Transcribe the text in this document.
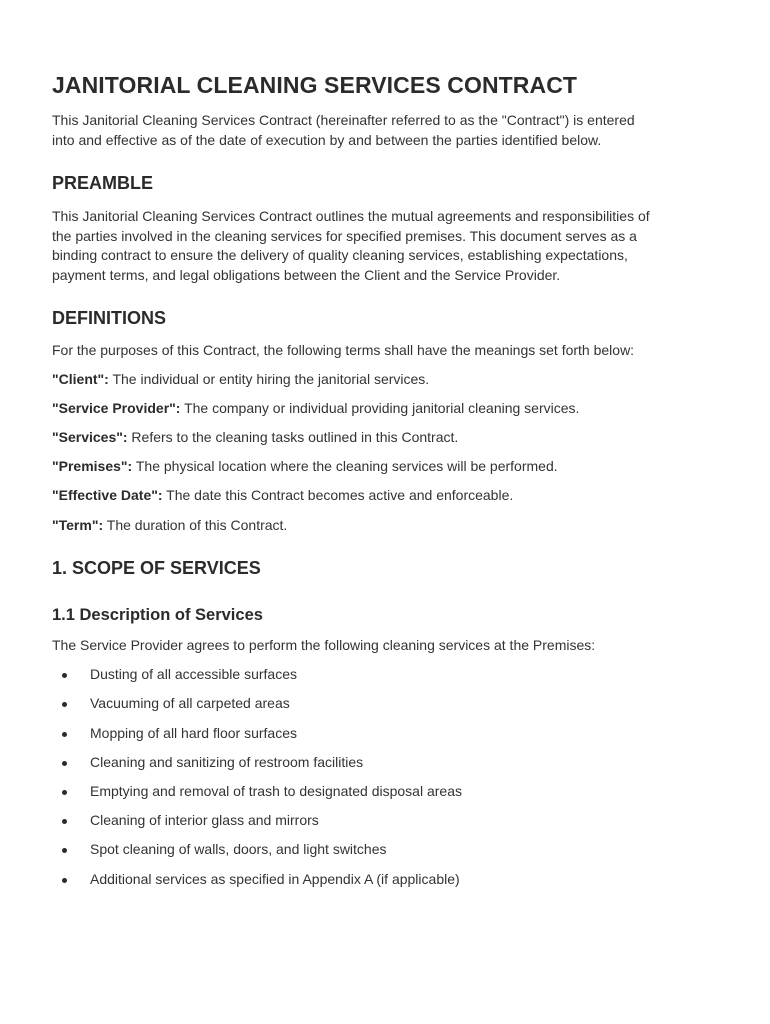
JANITORIAL CLEANING SERVICES CONTRACT

This Janitorial Cleaning Services Contract (hereinafter referred to as the "Contract") is entered
into and effective as of the date of execution by and between the parties identified below.

PREAMBLE

This Janitorial Cleaning Services Contract outlines the mutual agreements and responsibilities of
the parties involved in the cleaning services for specified premises. This document serves as a
binding contract to ensure the delivery of quality cleaning services, establishing expectations,
payment terms, and legal obligations between the Client and the Service Provider.

DEFINITIONS

For the purposes of this Contract, the following terms shall have the meanings set forth below:

"Client": The individual or entity hiring the janitorial services.

"Service Provider": The company or individual providing janitorial cleaning services.

"Services": Refers to the cleaning tasks outlined in this Contract.

"Premises": The physical location where the cleaning services will be performed.

"Effective Date": The date this Contract becomes active and enforceable.

"Term": The duration of this Contract.

1. SCOPE OF SERVICES
1.1 Description of Services

The Service Provider agrees to perform the following cleaning services at the Premises:

Dusting of all accessible surfaces
Vacuuming of all carpeted areas
Mopping of all hard floor surfaces
Cleaning and sanitizing of restroom facilities
Emptying and removal of trash to designated disposal areas
Cleaning of interior glass and mirrors
Spot cleaning of walls, doors, and light switches
Additional services as specified in Appendix A (if applicable)
